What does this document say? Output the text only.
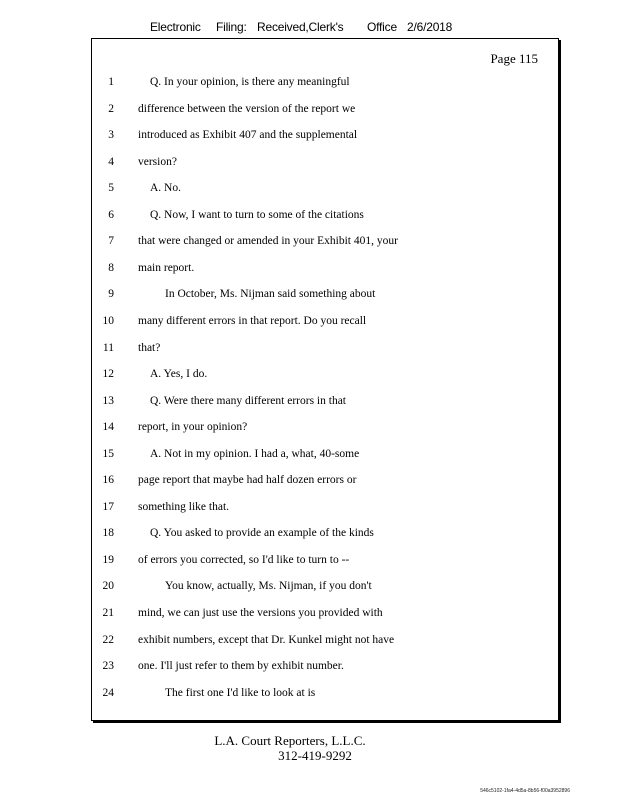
Electronic Filing: Received,Clerk's Office 2/6/2018
Page 115
1	Q. In your opinion, is there any meaningful
2 difference between the version of the report we
3 introduced as Exhibit 407 and the supplemental
4 version?
5	A. No.
6	Q. Now, I want to turn to some of the citations
7 that were changed or amended in your Exhibit 401, your
8 main report.
9	In October, Ms. Nijman said something about
10 many different errors in that report. Do you recall
11 that?
12	A. Yes, I do.
13	Q. Were there many different errors in that
14 report, in your opinion?
15	A. Not in my opinion. I had a, what, 40-some
16 page report that maybe had half dozen errors or
17 something like that.
18	Q. You asked to provide an example of the kinds
19 of errors you corrected, so I'd like to turn to --
20	You know, actually, Ms. Nijman, if you don't
21 mind, we can just use the versions you provided with
22 exhibit numbers, except that Dr. Kunkel might not have
23 one. I'll just refer to them by exhibit number.
24	The first one I'd like to look at is
L.A. Court Reporters, L.L.C.
312-419-9292
546c5102-1fa4-4d5a-8b56-f00a3952896
